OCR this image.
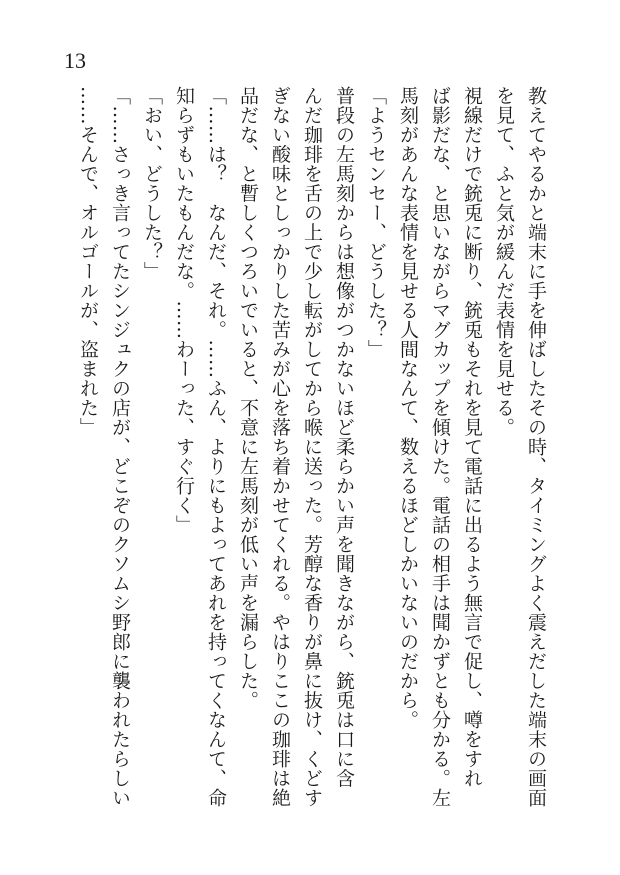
13
教えてやるかと端末に手を伸ばしたその時、タイミングよく震えだした端末の画面
を見て、ふと気が緩んだ表情を見せる。
視線だけで銃兎に断り、銃兎もそれを見て電話に出るよう無言で促し、噂をすれ
ば影だな、と思いながらマグカップを傾けた。電話の相手は聞かずとも分かる。左
馬刻があんな表情を見せる人間なんて、数えるほどしかいないのだから。
「ようセンセー、どうした？」
普段の左馬刻からは想像がつかないほど柔らかい声を聞きながら、銃兎は口に含
んだ珈琲を舌の上で少し転がしてから喉に送った。芳醇な香りが鼻に抜け、くどす
ぎない酸味としっかりした苦みが心を落ち着かせてくれる。やはりここの珈琲は絶
品だな、と暫しくつろいでいると、不意に左馬刻が低い声を漏らした。
「……は？　なんだ、それ。……ふん、よりにもよってあれを持ってくなんて、命
知らずもいたもんだな。……わーった、すぐ行く」
「おい、どうした？」
「……さっき言ってたシンジュクの店が、どこぞのクソムシ野郎に襲われたらしい
……そんで、オルゴールが、盗まれた」
